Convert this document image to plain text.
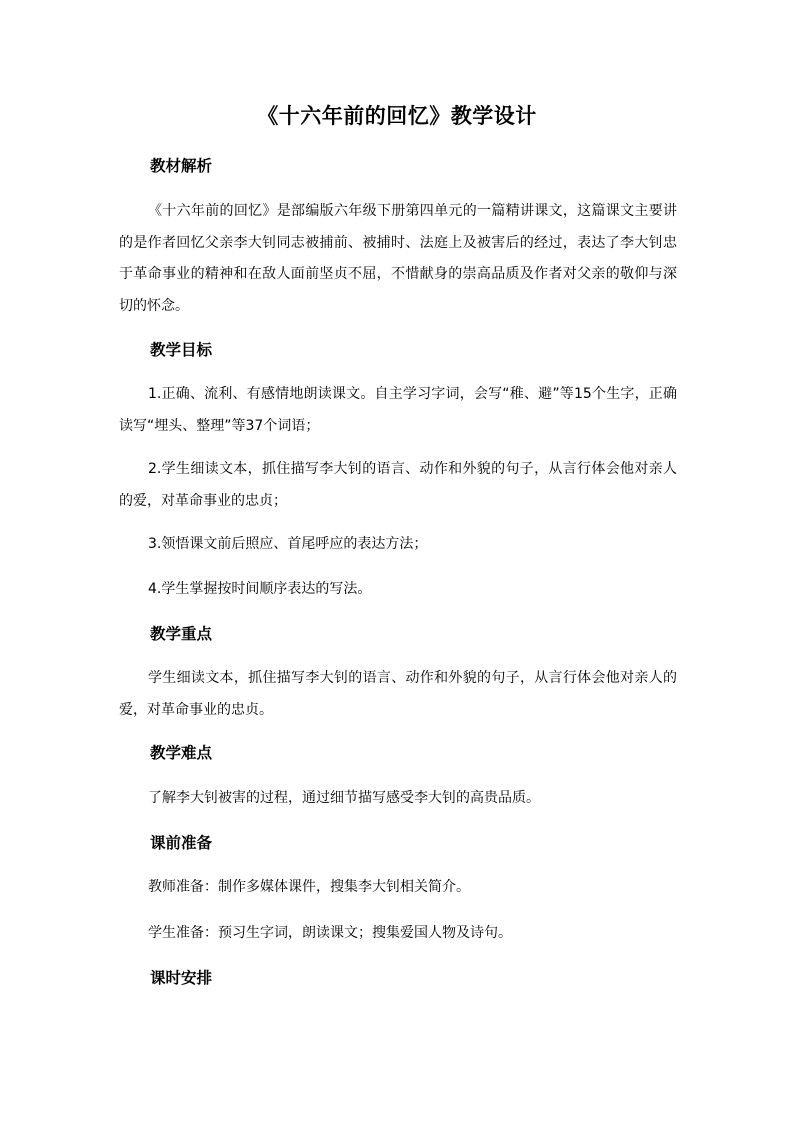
《十六年前的回忆》教学设计
教材解析

《十六年前的回忆》是部编版六年级下册第四单元的一篇精讲课文，这篇课文主要讲的是作者回忆父亲李大钊同志被捕前、被捕时、法庭上及被害后的经过，表达了李大钊忠于革命事业的精神和在敌人面前坚贞不屈，不惜献身的崇高品质及作者对父亲的敬仰与深切的怀念。

教学目标

1.正确、流利、有感情地朗读课文。自主学习字词，会写“稚、避”等15个生字，正确读写“埋头、整理”等37个词语；

2.学生细读文本，抓住描写李大钊的语言、动作和外貌的句子，从言行体会他对亲人的爱，对革命事业的忠贞；

3.领悟课文前后照应、首尾呼应的表达方法；

4.学生掌握按时间顺序表达的写法。

教学重点

学生细读文本，抓住描写李大钊的语言、动作和外貌的句子，从言行体会他对亲人的爱，对革命事业的忠贞。

教学难点

了解李大钊被害的过程，通过细节描写感受李大钊的高贵品质。

课前准备

教师准备：制作多媒体课件，搜集李大钊相关简介。

学生准备：预习生字词，朗读课文；搜集爱国人物及诗句。

课时安排
